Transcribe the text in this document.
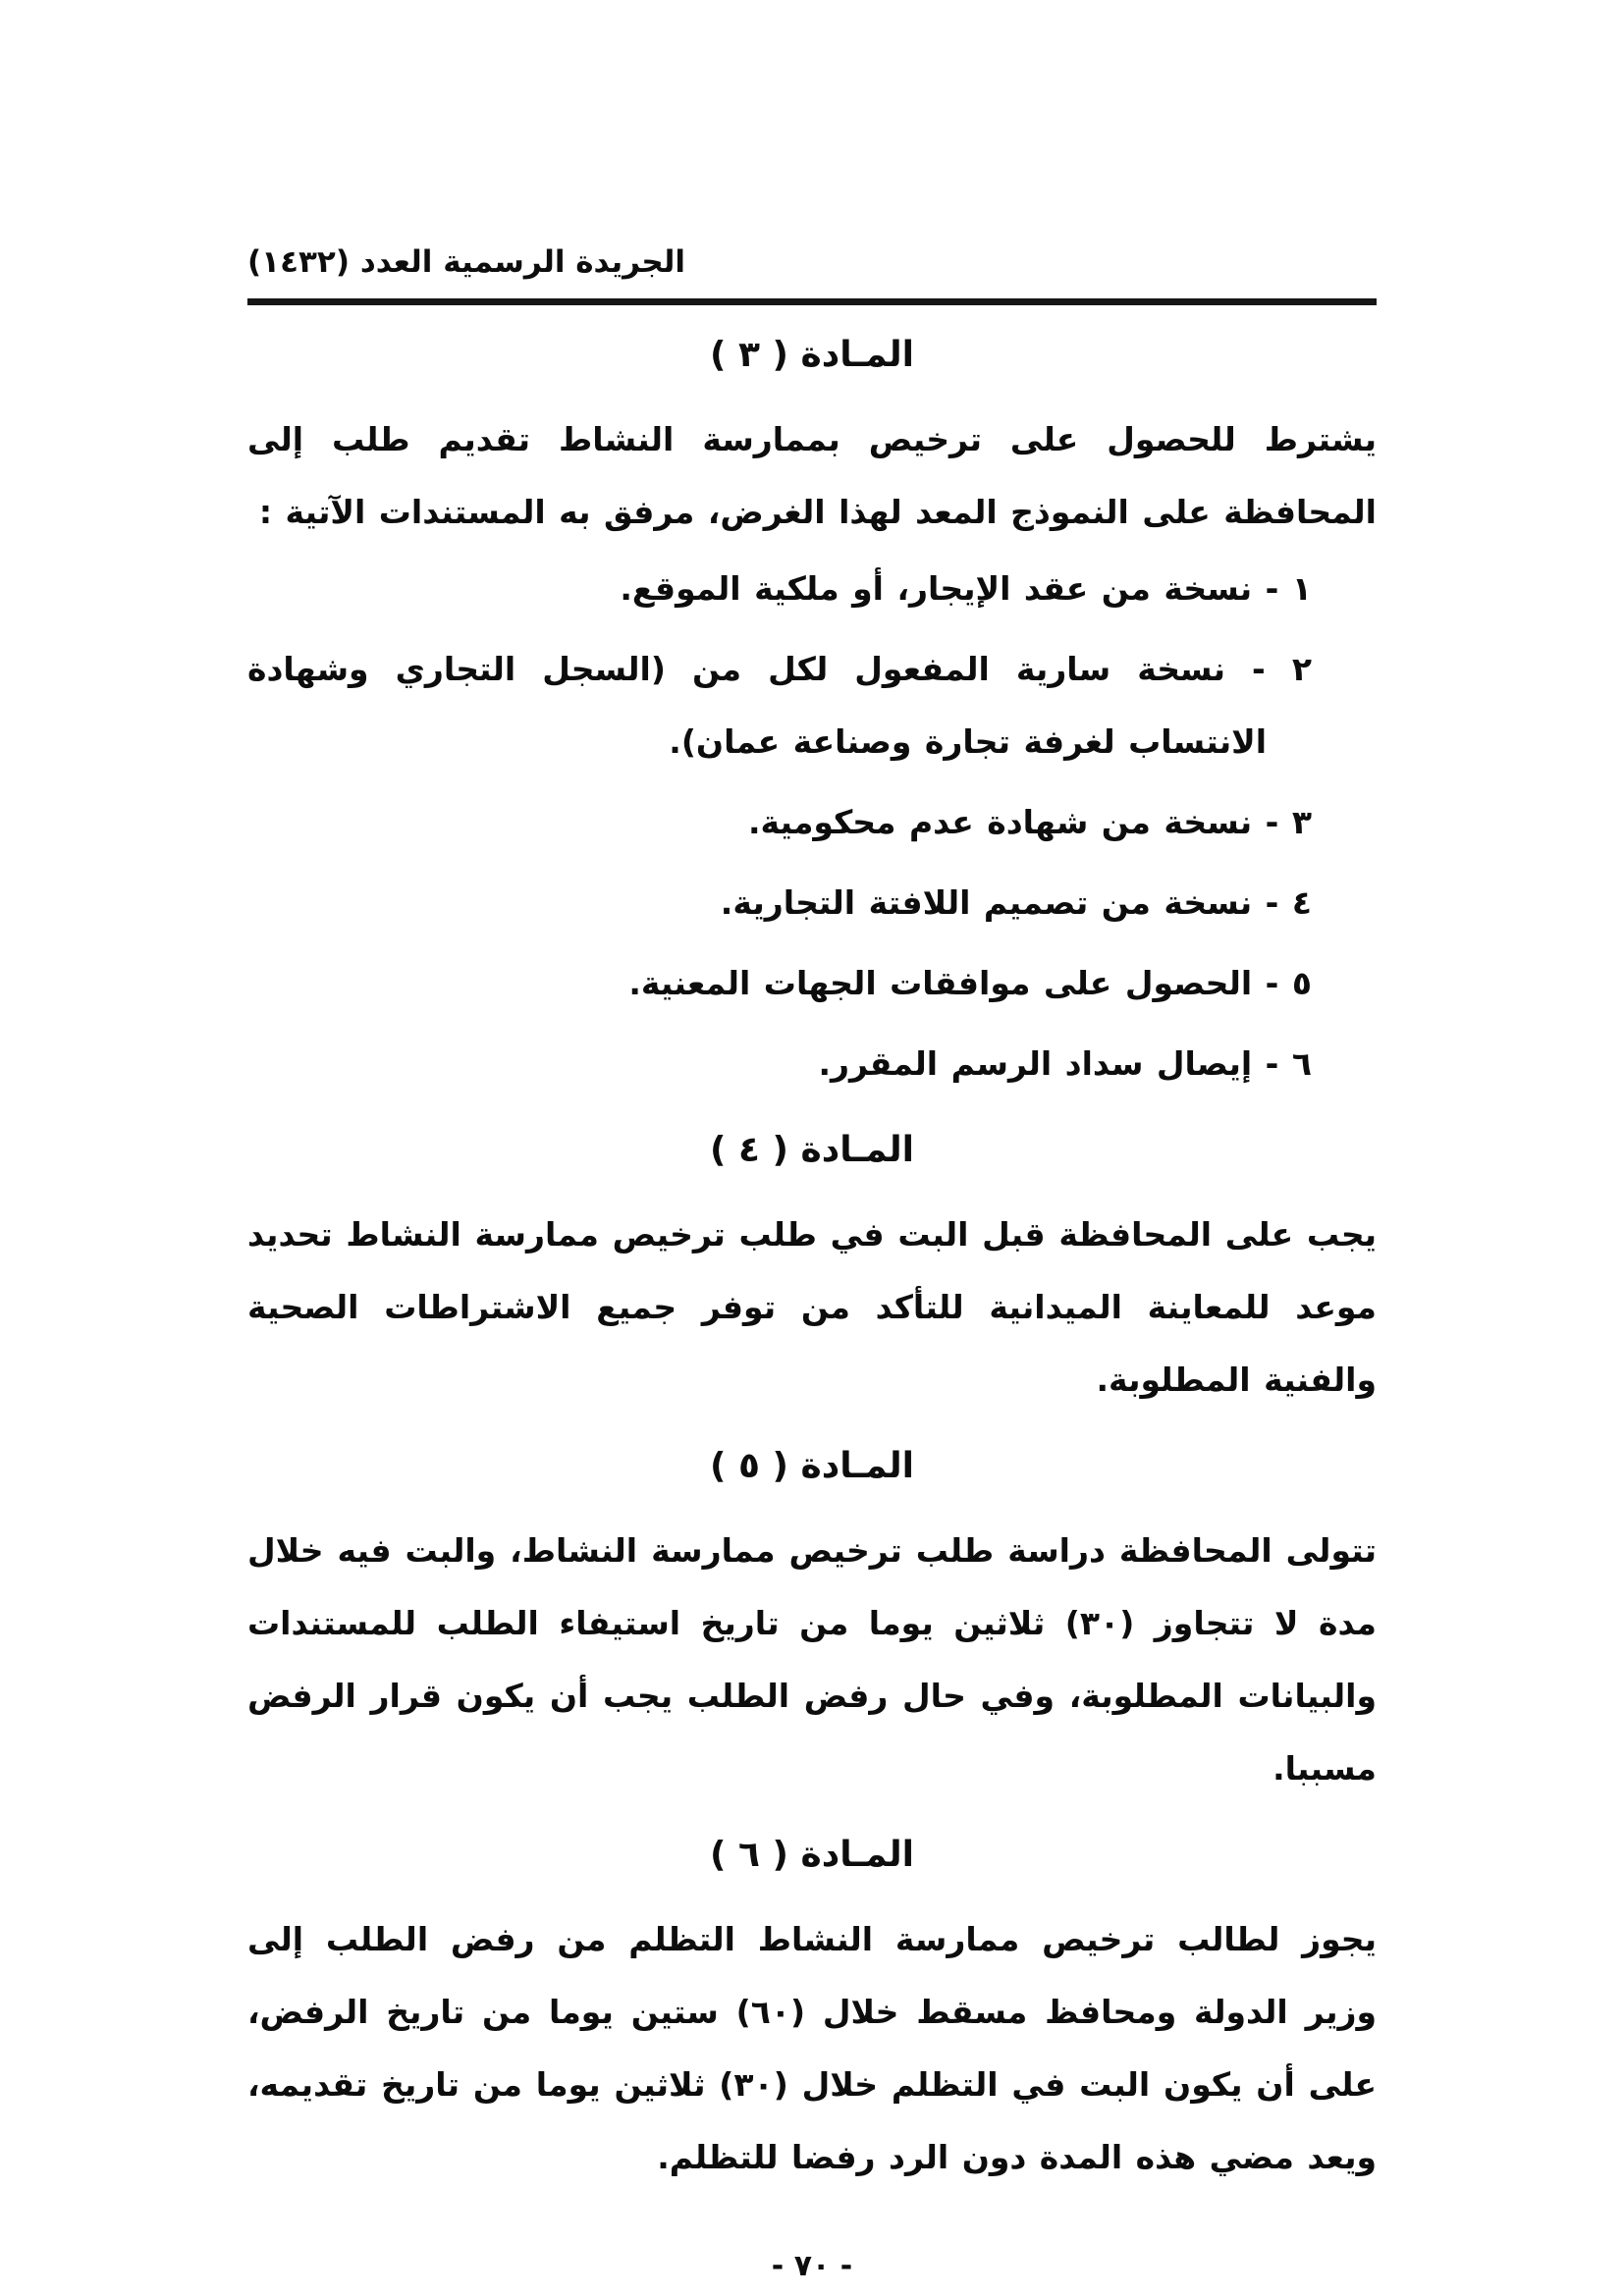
الجريدة الرسمية العدد (١٤٣٢)
المـادة ( ٣ )

يشترط للحصول على ترخيص بممارسة النشاط تقديم طلب إلى المحافظة على النموذج المعد لهذا الغرض، مرفق به المستندات الآتية :

١ - نسخة من عقد الإيجار، أو ملكية الموقع.
٢ - نسخة سارية المفعول لكل من (السجل التجاري وشهادة الانتساب لغرفة تجارة وصناعة عمان).
٣ - نسخة من شهادة عدم محكومية.
٤ - نسخة من تصميم اللافتة التجارية.
٥ - الحصول على موافقات الجهات المعنية.
٦ - إيصال سداد الرسم المقرر.
المـادة ( ٤ )

يجب على المحافظة قبل البت في طلب ترخيص ممارسة النشاط تحديد موعد للمعاينة الميدانية للتأكد من توفر جميع الاشتراطات الصحية والفنية المطلوبة.

المـادة ( ٥ )

تتولى المحافظة دراسة طلب ترخيص ممارسة النشاط، والبت فيه خلال مدة لا تتجاوز (٣٠) ثلاثين يوما من تاريخ استيفاء الطلب للمستندات والبيانات المطلوبة، وفي حال رفض الطلب يجب أن يكون قرار الرفض مسببا.

المـادة ( ٦ )

يجوز لطالب ترخيص ممارسة النشاط التظلم من رفض الطلب إلى وزير الدولة ومحافظ مسقط خلال (٦٠) ستين يوما من تاريخ الرفض، على أن يكون البت في التظلم خلال (٣٠) ثلاثين يوما من تاريخ تقديمه، ويعد مضي هذه المدة دون الرد رفضا للتظلم.

- ٧٠ -
